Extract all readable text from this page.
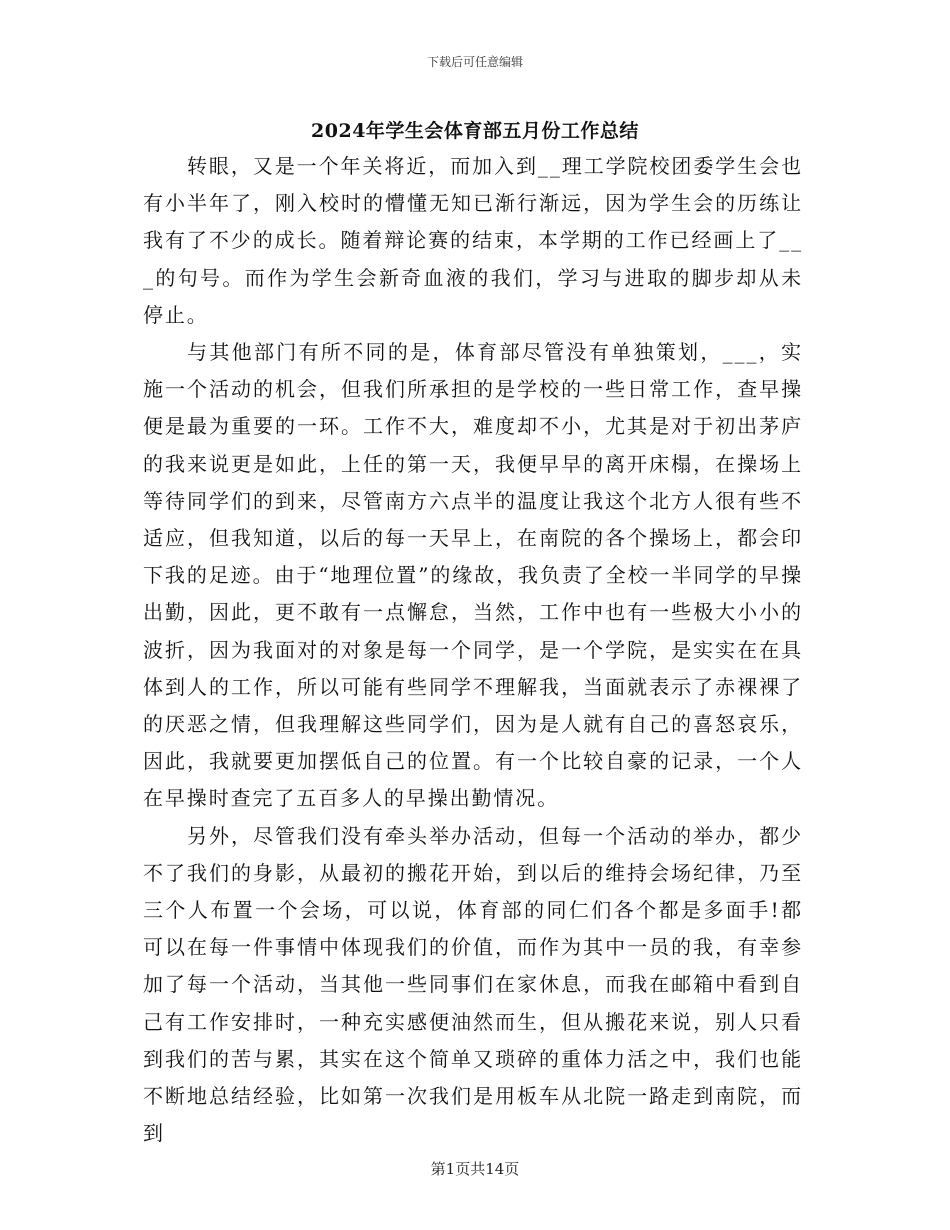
下载后可任意编辑
2024年学生会体育部五月份工作总结

转眼，又是一个年关将近，而加入到__理工学院校团委学生会也有小半年了，刚入校时的懵懂无知已渐行渐远，因为学生会的历练让我有了不少的成长。随着辩论赛的结束，本学期的工作已经画上了___的句号。而作为学生会新奇血液的我们，学习与进取的脚步却从未停止。

与其他部门有所不同的是，体育部尽管没有单独策划，___，实施一个活动的机会，但我们所承担的是学校的一些日常工作，查早操便是最为重要的一环。工作不大，难度却不小，尤其是对于初出茅庐的我来说更是如此，上任的第一天，我便早早的离开床榻，在操场上等待同学们的到来，尽管南方六点半的温度让我这个北方人很有些不适应，但我知道，以后的每一天早上，在南院的各个操场上，都会印下我的足迹。由于“地理位置”的缘故，我负责了全校一半同学的早操出勤，因此，更不敢有一点懈怠，当然，工作中也有一些极大小小的波折，因为我面对的对象是每一个同学，是一个学院，是实实在在具体到人的工作，所以可能有些同学不理解我，当面就表示了赤裸裸了的厌恶之情，但我理解这些同学们，因为是人就有自己的喜怒哀乐，因此，我就要更加摆低自己的位置。有一个比较自豪的记录，一个人在早操时查完了五百多人的早操出勤情况。

另外，尽管我们没有牵头举办活动，但每一个活动的举办，都少不了我们的身影，从最初的搬花开始，到以后的维持会场纪律，乃至三个人布置一个会场，可以说，体育部的同仁们各个都是多面手!都可以在每一件事情中体现我们的价值，而作为其中一员的我，有幸参加了每一个活动，当其他一些同事们在家休息，而我在邮箱中看到自己有工作安排时，一种充实感便油然而生，但从搬花来说，别人只看到我们的苦与累，其实在这个简单又琐碎的重体力活之中，我们也能不断地总结经验，比如第一次我们是用板车从北院一路走到南院，而到

第1页共14页
